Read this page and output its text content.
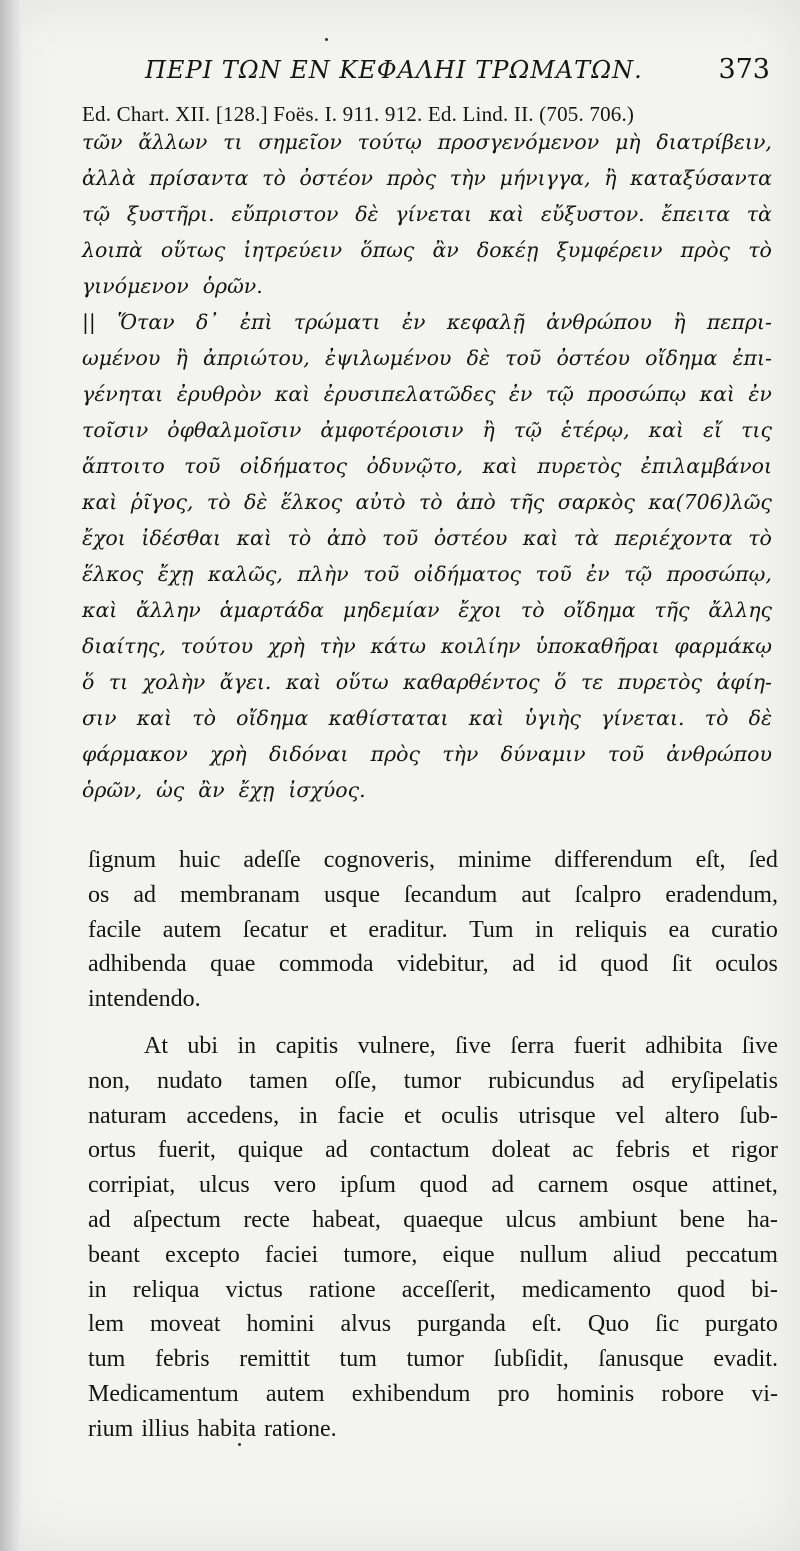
ΠΕΡΙ ΤΩΝ ΕΝ ΚΕΦΑΛΗΙ ΤΡΩΜΑΤΩΝ.	373
Ed. Chart. XII. [128.] Foës. I. 911. 912. Ed. Lind. II. (705. 706.)
τῶν ἄλλων τι σημεῖον τούτῳ προσγενόμενον μὴ διατρίβειν,
ἀλλὰ πρίσαντα τὸ ὀστέον πρὸς τὴν μήνιγγα, ἢ καταξύσαντα
τῷ ξυστῆρι. εὔπριστον δὲ γίνεται καὶ εὔξυστον. ἔπειτα τὰ
λοιπὰ οὕτως ἰητρεύειν ὅπως ἂν δοκέῃ ξυμφέρειν πρὸς τὸ
γινόμενον ὁρῶν.
|| Ὅταν δ᾽ ἐπὶ τρώματι ἐν κεφαλῇ ἀνθρώπου ἢ πεπρι-
ωμένου ἢ ἀπριώτου, ἐψιλωμένου δὲ τοῦ ὀστέου οἴδημα ἐπι-
γένηται ἐρυθρὸν καὶ ἐρυσιπελατῶδες ἐν τῷ προσώπῳ καὶ ἐν
τοῖσιν ὀφθαλμοῖσιν ἀμφοτέροισιν ἢ τῷ ἑτέρῳ, καὶ εἴ τις
ἅπτοιτο τοῦ οἰδήματος ὀδυνῷτο, καὶ πυρετὸς ἐπιλαμβάνοι
καὶ ῥῖγος, τὸ δὲ ἕλκος αὐτὸ τὸ ἀπὸ τῆς σαρκὸς κα(706)λῶς
ἔχοι ἰδέσθαι καὶ τὸ ἀπὸ τοῦ ὀστέου καὶ τὰ περιέχοντα τὸ
ἕλκος ἔχῃ καλῶς, πλὴν τοῦ οἰδήματος τοῦ ἐν τῷ προσώπῳ,
καὶ ἄλλην ἁμαρτάδα μηδεμίαν ἔχοι τὸ οἴδημα τῆς ἄλλης
διαίτης, τούτου χρὴ τὴν κάτω κοιλίην ὑποκαθῆραι φαρμάκῳ
ὅ τι χολὴν ἄγει. καὶ οὕτω καθαρθέντος ὅ τε πυρετὸς ἀφίη-
σιν καὶ τὸ οἴδημα καθίσταται καὶ ὑγιὴς γίνεται. τὸ δὲ
φάρμακον χρὴ διδόναι πρὸς τὴν δύναμιν τοῦ ἀνθρώπου
ὁρῶν, ὡς ἂν ἔχῃ ἰσχύος.
ſignum huic adeſſe cognoveris, minime differendum eſt, ſed
os ad membranam usque ſecandum aut ſcalpro eradendum,
facile autem ſecatur et eraditur. Tum in reliquis ea curatio
adhibenda quae commoda videbitur, ad id quod ſit oculos
intendendo.
At ubi in capitis vulnere, ſive ſerra fuerit adhibita ſive
non, nudato tamen oſſe, tumor rubicundus ad eryſipelatis
naturam accedens, in facie et oculis utrisque vel altero ſub-
ortus fuerit, quique ad contactum doleat ac febris et rigor
corripiat, ulcus vero ipſum quod ad carnem osque attinet,
ad aſpectum recte habeat, quaeque ulcus ambiunt bene ha-
beant excepto faciei tumore, eique nullum aliud peccatum
in reliqua victus ratione acceſſerit, medicamento quod bi-
lem moveat homini alvus purganda eſt. Quo ſic purgato
tum febris remittit tum tumor ſubſidit, ſanusque evadit.
Medicamentum autem exhibendum pro hominis robore vi-
rium illius habita ratione.
